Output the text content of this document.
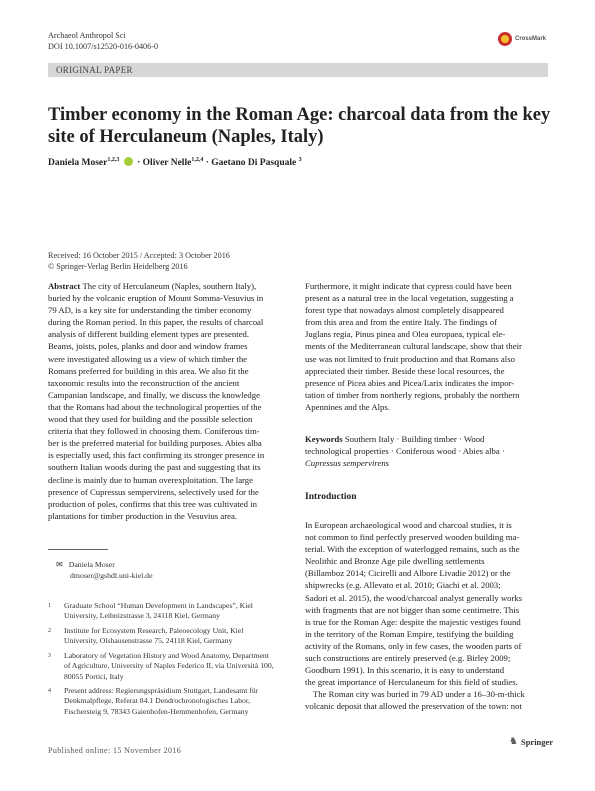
Archaeol Anthropol Sci
DOI 10.1007/s12520-016-0406-0
CrossMark
ORIGINAL PAPER
Timber economy in the Roman Age: charcoal data from the key
site of Herculaneum (Naples, Italy)
Daniela Moser$^{1,2,3}$  · Oliver Nelle$^{1,2,4}$ · Gaetano Di Pasquale $^3$
Received: 16 October 2015 / Accepted: 3 October 2016
© Springer-Verlag Berlin Heidelberg 2016
Abstract The city of Herculaneum (Naples, southern Italy),
buried by the volcanic eruption of Mount Somma-Vesuvius in
79 AD, is a key site for understanding the timber economy
during the Roman period. In this paper, the results of charcoal
analysis of different building element types are presented.
Beams, joists, poles, planks and door and window frames
were investigated allowing us a view of which timber the
Romans preferred for building in this area. We also fit the
taxonomic results into the reconstruction of the ancient
Campanian landscape, and finally, we discuss the knowledge
that the Romans had about the technological properties of the
wood that they used for building and the possible selection
criteria that they followed in choosing them. Coniferous tim-
ber is the preferred material for building purposes. Abies alba
is especially used, this fact confirming its stronger presence in
southern Italian woods during the past and suggesting that its
decline is mainly due to human overexploitation. The large
presence of Cupressus sempervirens, selectively used for the
production of poles, confirms that this tree was cultivated in
plantations for timber production in the Vesuvius area.
Furthermore, it might indicate that cypress could have been
present as a natural tree in the local vegetation, suggesting a
forest type that nowadays almost completely disappeared
from this area and from the entire Italy. The findings of
Juglans regia, Pinus pinea and Olea europaea, typical ele-
ments of the Mediterranean cultural landscape, show that their
use was not limited to fruit production and that Romans also
appreciated their timber. Beside these local resources, the
presence of Picea abies and Picea/Larix indicates the impor-
tation of timber from northerly regions, probably the northern
Apennines and the Alps.
Keywords Southern Italy · Building timber · Wood
technological properties · Coniferous wood · Abies alba ·
Cupressus sempervirens
Introduction
In European archaeological wood and charcoal studies, it is
not common to find perfectly preserved wooden building ma-
terial. With the exception of waterlogged remains, such as the
Neolithic and Bronze Age pile dwelling settlements
(Billamboz 2014; Cicirelli and Albore Livadie 2012) or the
shipwrecks (e.g. Allevato et al. 2010; Giachi et al. 2003;
Sadori et al. 2015), the wood/charcoal analyst generally works
with fragments that are not bigger than some centimetre. This
is true for the Roman Age: despite the majestic vestiges found
in the territory of the Roman Empire, testifying the building
activity of the Romans, only in few cases, the wooden parts of
such constructions are entirely preserved (e.g. Birley 2009;
Goodburn 1991). In this scenario, it is easy to understand
the great importance of Herculaneum for this field of studies.
The Roman city was buried in 79 AD under a 16–30-m-thick
volcanic deposit that allowed the preservation of the town: not
✉ Daniela Moser
dmoser@gshdl.uni-kiel.de
1 Graduate School “Human Development in Landscapes”, Kiel
University, Leibnizstrasse 3, 24118 Kiel, Germany
2 Institute for Ecosystem Research, Paleoecology Unit, Kiel
University, Olshausenstrasse 75, 24118 Kiel, Germany
3 Laboratory of Vegetation History and Wood Anatomy, Department
of Agriculture, University of Naples Federico II, via Università 100,
80055 Portici, Italy
4 Present address: Regierungspräsidium Stuttgart, Landesamt für
Denkmalpflege, Referat 84.1 Dendrochronologisches Labor,
Fischersteig 9, 78343 Gaienhofen-Hemmenhofen, Germany
Published online: 15 November 2016
♞ Springer
